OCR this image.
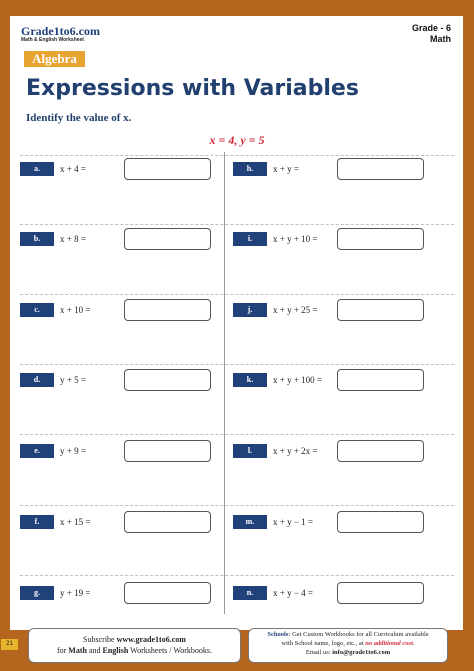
Grade1to6.com
Math & English Worksheet
Grade - 6
Math
Algebra
Expressions with Variables
Identify the value of x.
x = 4, y = 5
a.	x + 4 =
b.	x + 8 =
c.	x + 10 =
d.	y + 5 =
e.	y + 9 =
f.	x + 15 =
g.	y + 19 =
h.	x + y =
i.	x + y + 10 =
j.	x + y + 25 =
k.	x + y + 100 =
l.	x + y + 2x =
m.	x + y − 1 =
n.	x + y − 4 =
© Copyright 2017 BeeOne Media Pvt. Ltd. All Rights Reserved.
21	Subscribe www.grade1to6.com
for Math and English Worksheets / Workbooks.
Schools: Get Custom Workbooks for all Curriculum available
with School name, logo, etc., at no additional cost.
Email us: info@grade1to6.com
